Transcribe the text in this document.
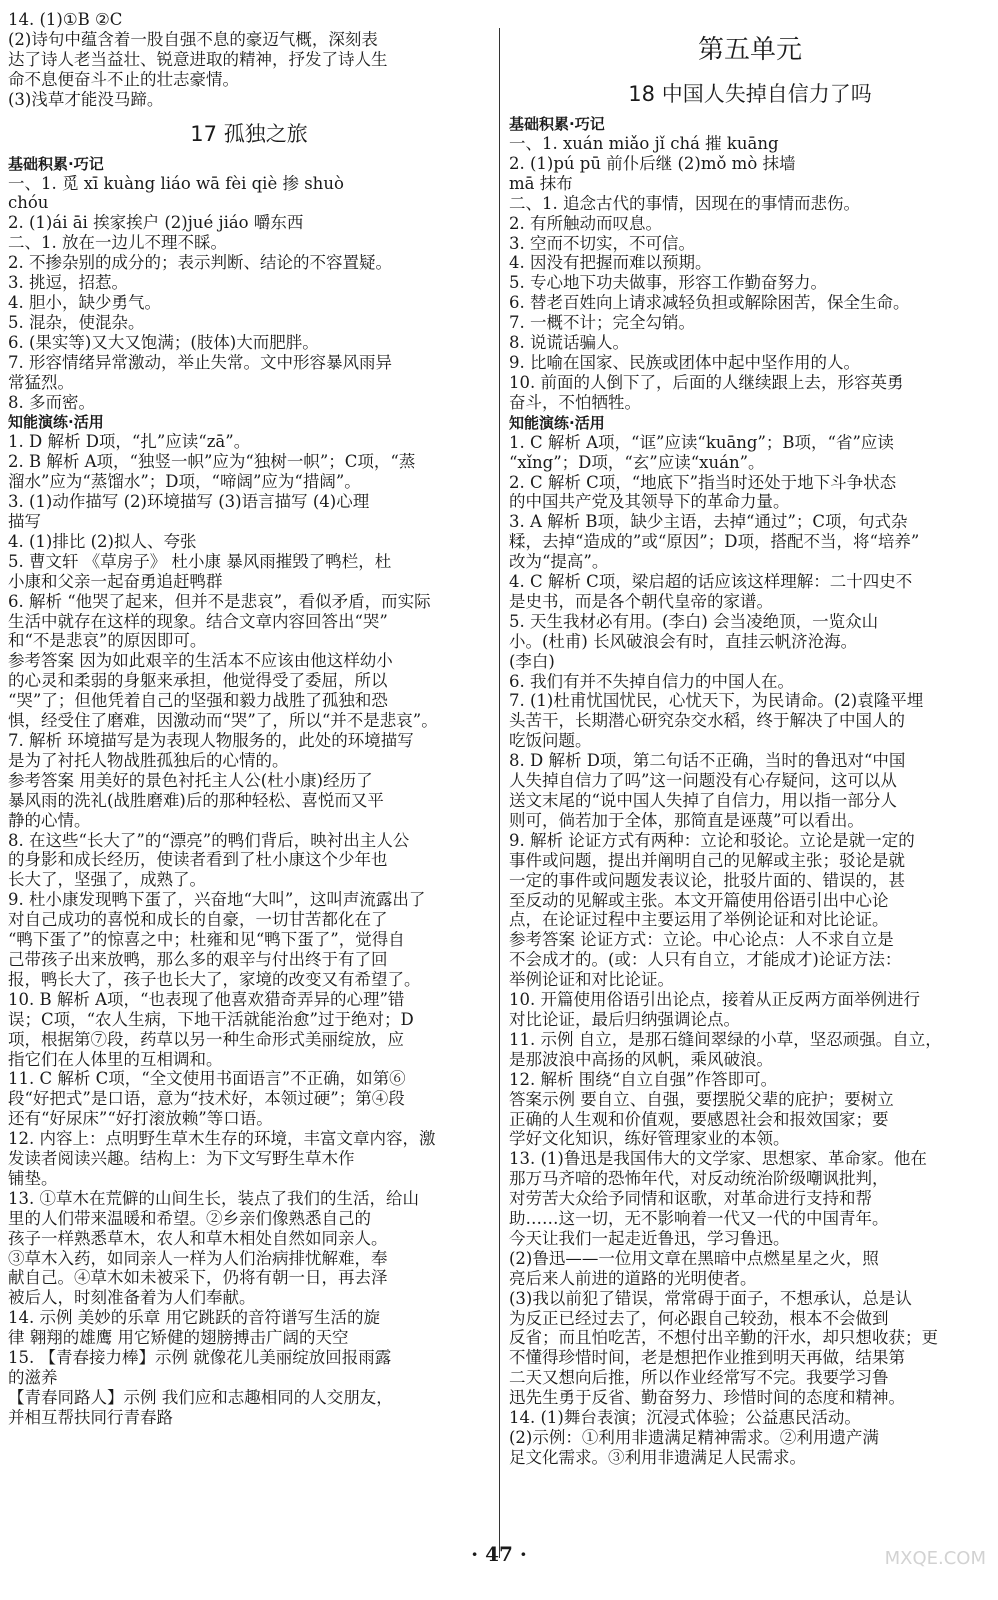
14. (1)①B ②C
(2)诗句中蕴含着一股自强不息的豪迈气概，深刻表
达了诗人老当益壮、锐意进取的精神，抒发了诗人生
命不息便奋斗不止的壮志豪情。
(3)浅草才能没马蹄。
17 孤独之旅
基础积累·巧记
一、1. 觅 xī kuàng liáo wā fèi qiè 掺 shuò
chóu
2. (1)ái āi 挨家挨户 (2)jué jiáo 嚼东西
二、1. 放在一边儿不理不睬。
2. 不掺杂别的成分的；表示判断、结论的不容置疑。
3. 挑逗，招惹。
4. 胆小，缺少勇气。
5. 混杂，使混杂。
6. (果实等)又大又饱满；(肢体)大而肥胖。
7. 形容情绪异常激动，举止失常。文中形容暴风雨异
常猛烈。
8. 多而密。
知能演练·活用
1. D 解析 D项，“扎”应读“zā”。
2. B 解析 A项，“独竖一帜”应为“独树一帜”；C项，“蒸
溜水”应为“蒸馏水”；D项，“啼阔”应为“措阔”。
3. (1)动作描写 (2)环境描写 (3)语言描写 (4)心理
描写
4. (1)排比 (2)拟人、夸张
5. 曹文轩 《草房子》 杜小康 暴风雨摧毁了鸭栏，杜
小康和父亲一起奋勇追赶鸭群
6. 解析 “他哭了起来，但并不是悲哀”，看似矛盾，而实际
生活中就存在这样的现象。结合文章内容回答出“哭”
和“不是悲哀”的原因即可。
参考答案 因为如此艰辛的生活本不应该由他这样幼小
的心灵和柔弱的身躯来承担，他觉得受了委屈，所以
“哭”了；但他凭着自己的坚强和毅力战胜了孤独和恐
惧，经受住了磨难，因激动而“哭”了，所以“并不是悲哀”。
7. 解析 环境描写是为表现人物服务的，此处的环境描写
是为了衬托人物战胜孤独后的心情的。
参考答案 用美好的景色衬托主人公(杜小康)经历了
暴风雨的洗礼(战胜磨难)后的那种轻松、喜悦而又平
静的心情。
8. 在这些“长大了”的“漂亮”的鸭们背后，映衬出主人公
的身影和成长经历，使读者看到了杜小康这个少年也
长大了，坚强了，成熟了。
9. 杜小康发现鸭下蛋了，兴奋地“大叫”，这叫声流露出了
对自己成功的喜悦和成长的自豪，一切甘苦都化在了
“鸭下蛋了”的惊喜之中；杜雍和见“鸭下蛋了”，觉得自
己带孩子出来放鸭，那么多的艰辛与付出终于有了回
报，鸭长大了，孩子也长大了，家境的改变又有希望了。
10. B 解析 A项，“也表现了他喜欢猎奇弄异的心理”错
误；C项，“农人生病，下地干活就能治愈”过于绝对；D
项，根据第⑦段，药草以另一种生命形式美丽绽放，应
指它们在人体里的互相调和。
11. C 解析 C项，“全文使用书面语言”不正确，如第⑥
段“好把式”是口语，意为“技术好，本领过硬”；第④段
还有“好尿床”“好打滚放赖”等口语。
12. 内容上：点明野生草木生存的环境，丰富文章内容，激
发读者阅读兴趣。结构上：为下文写野生草木作
铺垫。
13. ①草木在荒僻的山间生长，装点了我们的生活，给山
里的人们带来温暖和希望。②乡亲们像熟悉自己的
孩子一样熟悉草木，农人和草木相处自然如同亲人。
③草木入药，如同亲人一样为人们治病排忧解难，奉
献自己。④草木如未被采下，仍将有朝一日，再去泽
被后人，时刻准备着为人们奉献。
14. 示例 美妙的乐章 用它跳跃的音符谱写生活的旋
律 翱翔的雄鹰 用它矫健的翅膀搏击广阔的天空
15. 【青春接力棒】示例 就像花儿美丽绽放回报雨露
的滋养
【青春同路人】示例 我们应和志趣相同的人交朋友，
并相互帮扶同行青春路
第五单元
18 中国人失掉自信力了吗
基础积累·巧记
一、1. xuán miǎo jǐ chá 摧 kuāng
2. (1)pú pū 前仆后继 (2)mǒ mò 抹墙
mā 抹布
二、1. 追念古代的事情，因现在的事情而悲伤。
2. 有所触动而叹息。
3. 空而不切实，不可信。
4. 因没有把握而难以预期。
5. 专心地下功夫做事，形容工作勤奋努力。
6. 替老百姓向上请求减轻负担或解除困苦，保全生命。
7. 一概不计；完全勾销。
8. 说谎话骗人。
9. 比喻在国家、民族或团体中起中坚作用的人。
10. 前面的人倒下了，后面的人继续跟上去，形容英勇
奋斗，不怕牺牲。
知能演练·活用
1. C 解析 A项，“诓”应读“kuāng”；B项，“省”应读
“xǐng”；D项，“玄”应读“xuán”。
2. C 解析 C项，“地底下”指当时还处于地下斗争状态
的中国共产党及其领导下的革命力量。
3. A 解析 B项，缺少主语，去掉“通过”；C项，句式杂
糅，去掉“造成的”或“原因”；D项，搭配不当，将“培养”
改为“提高”。
4. C 解析 C项，梁启超的话应该这样理解：二十四史不
是史书，而是各个朝代皇帝的家谱。
5. 天生我材必有用。(李白) 会当凌绝顶，一览众山
小。(杜甫) 长风破浪会有时，直挂云帆济沧海。
(李白)
6. 我们有并不失掉自信力的中国人在。
7. (1)杜甫忧国忧民，心忧天下，为民请命。(2)袁隆平埋
头苦干，长期潜心研究杂交水稻，终于解决了中国人的
吃饭问题。
8. D 解析 D项，第二句话不正确，当时的鲁迅对“中国
人失掉自信力了吗”这一问题没有心存疑问，这可以从
送文末尾的“说中国人失掉了自信力，用以指一部分人
则可，倘若加于全体，那简直是诬蔑”可以看出。
9. 解析 论证方式有两种：立论和驳论。立论是就一定的
事件或问题，提出并阐明自己的见解或主张；驳论是就
一定的事件或问题发表议论，批驳片面的、错误的，甚
至反动的见解或主张。本文开篇使用俗语引出中心论
点，在论证过程中主要运用了举例论证和对比论证。
参考答案 论证方式：立论。中心论点：人不求自立是
不会成才的。(或：人只有自立，才能成才)论证方法：
举例论证和对比论证。
10. 开篇使用俗语引出论点，接着从正反两方面举例进行
对比论证，最后归纳强调论点。
11. 示例 自立，是那石缝间翠绿的小草，坚忍顽强。自立，
是那波浪中高扬的风帆，乘风破浪。
12. 解析 围绕“自立自强”作答即可。
答案示例 要自立、自强，要摆脱父辈的庇护；要树立
正确的人生观和价值观，要感恩社会和报效国家；要
学好文化知识，练好管理家业的本领。
13. (1)鲁迅是我国伟大的文学家、思想家、革命家。他在
那万马齐喑的恐怖年代，对反动统治阶级嘲讽批判，
对劳苦大众给予同情和讴歌，对革命进行支持和帮
助……这一切，无不影响着一代又一代的中国青年。
今天让我们一起走近鲁迅，学习鲁迅。
(2)鲁迅——一位用文章在黑暗中点燃星星之火，照
亮后来人前进的道路的光明使者。
(3)我以前犯了错误，常常碍于面子，不想承认，总是认
为反正已经过去了，何必跟自己较劲，根本不会做到
反省；而且怕吃苦，不想付出辛勤的汗水，却只想收获；更
不懂得珍惜时间，老是想把作业推到明天再做，结果第
二天又想向后推，所以作业经常写不完。我要学习鲁
迅先生勇于反省、勤奋努力、珍惜时间的态度和精神。
14. (1)舞台表演；沉浸式体验；公益惠民活动。
(2)示例：①利用非遗满足精神需求。②利用遗产满
足文化需求。③利用非遗满足人民需求。
· 47 ·	MXQE.COM
